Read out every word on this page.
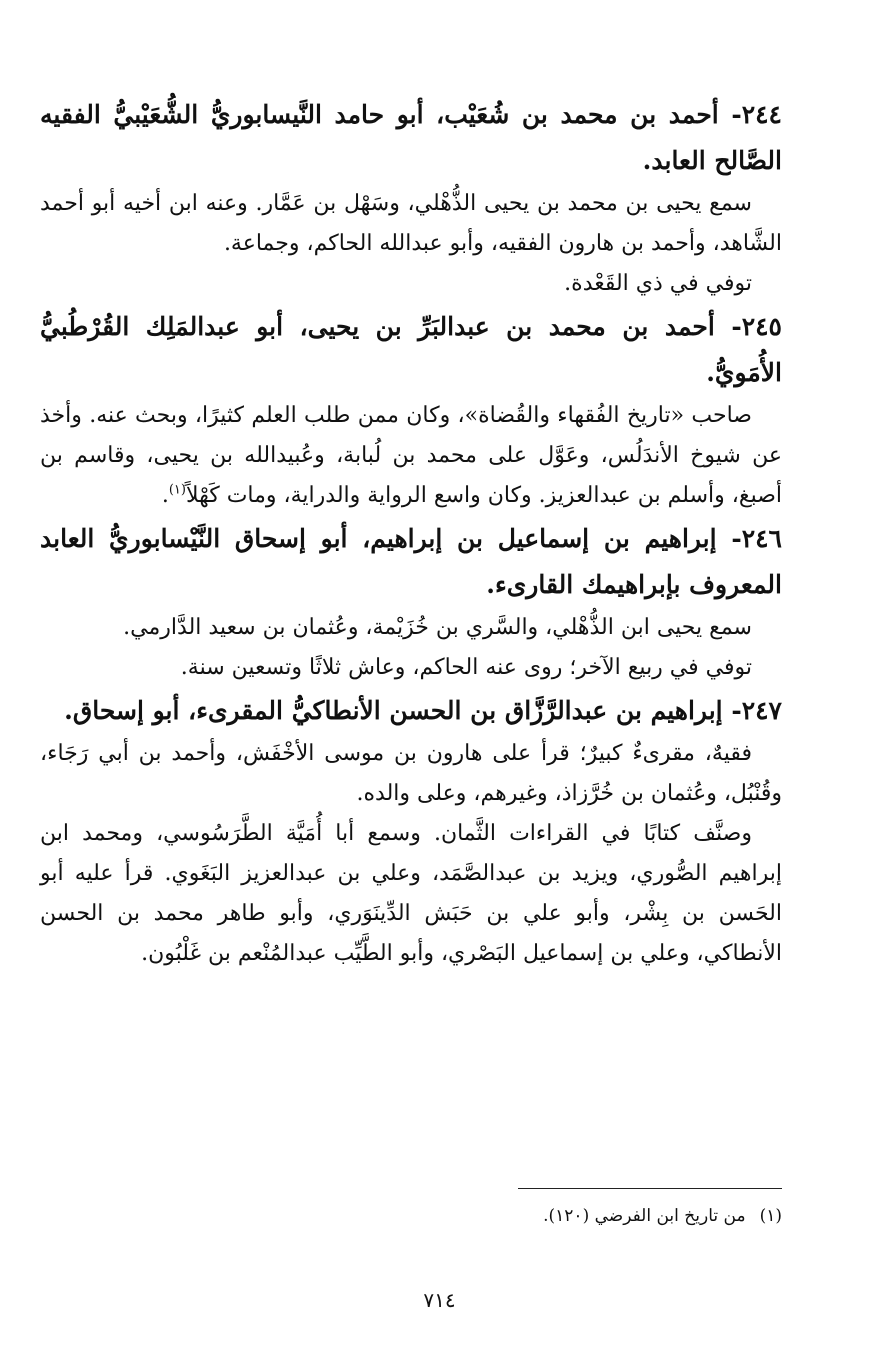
٢٤٤- أحمد بن محمد بن شُعَيْب، أبو حامد النَّيسابوريُّ الشُّعَيْبيُّ الفقيه الصَّالح العابد.

سمع يحيى بن محمد بن يحيى الذُّهْلي، وسَهْل بن عَمَّار. وعنه ابن أخيه أبو أحمد الشَّاهد، وأحمد بن هارون الفقيه، وأبو عبدالله الحاكم، وجماعة.

توفي في ذي القَعْدة.

٢٤٥- أحمد بن محمد بن عبدالبَرِّ بن يحيى، أبو عبدالمَلِك القُرْطُبيُّ الأُمَويُّ.

صاحب «تاريخ الفُقهاء والقُضاة»، وكان ممن طلب العلم كثيرًا، وبحث عنه. وأخذ عن شيوخ الأندَلُس، وعَوَّل على محمد بن لُبابة، وعُبيدالله بن يحيى، وقاسم بن أصبغ، وأسلم بن عبدالعزيز. وكان واسع الرواية والدراية، ومات كَهْلاً$^{(١)}$.

٢٤٦- إبراهيم بن إسماعيل بن إبراهيم، أبو إسحاق النَّيْسابوريُّ العابد المعروف بإبراهيمك القارىء.

سمع يحيى ابن الذُّهْلي، والسَّري بن خُزَيْمة، وعُثمان بن سعيد الدَّارمي.

توفي في ربيع الآخر؛ روى عنه الحاكم، وعاش ثلاثًا وتسعين سنة.

٢٤٧- إبراهيم بن عبدالرَّزَّاق بن الحسن الأنطاكيُّ المقرىء، أبو إسحاق.

فقيهٌ، مقرىءٌ كبيرٌ؛ قرأ على هارون بن موسى الأخْفَش، وأحمد بن أبي رَجَاء، وقُنْبُل، وعُثمان بن خُرَّزاذ، وغيرهم، وعلى والده.

وصنَّف كتابًا في القراءات الثَّمان. وسمع أبا أُمَيَّة الطَّرَسُوسي، ومحمد ابن إبراهيم الصُّوري، ويزيد بن عبدالصَّمَد، وعلي بن عبدالعزيز البَغَوي. قرأ عليه أبو الحَسن بن بِشْر، وأبو علي بن حَبَش الدِّينَوَري، وأبو طاهر محمد بن الحسن الأنطاكي، وعلي بن إسماعيل البَصْري، وأبو الطَّيِّب عبدالمُنْعم بن غَلْبُون.

(١)من تاريخ ابن الفرضي (١٢٠).
٧١٤
